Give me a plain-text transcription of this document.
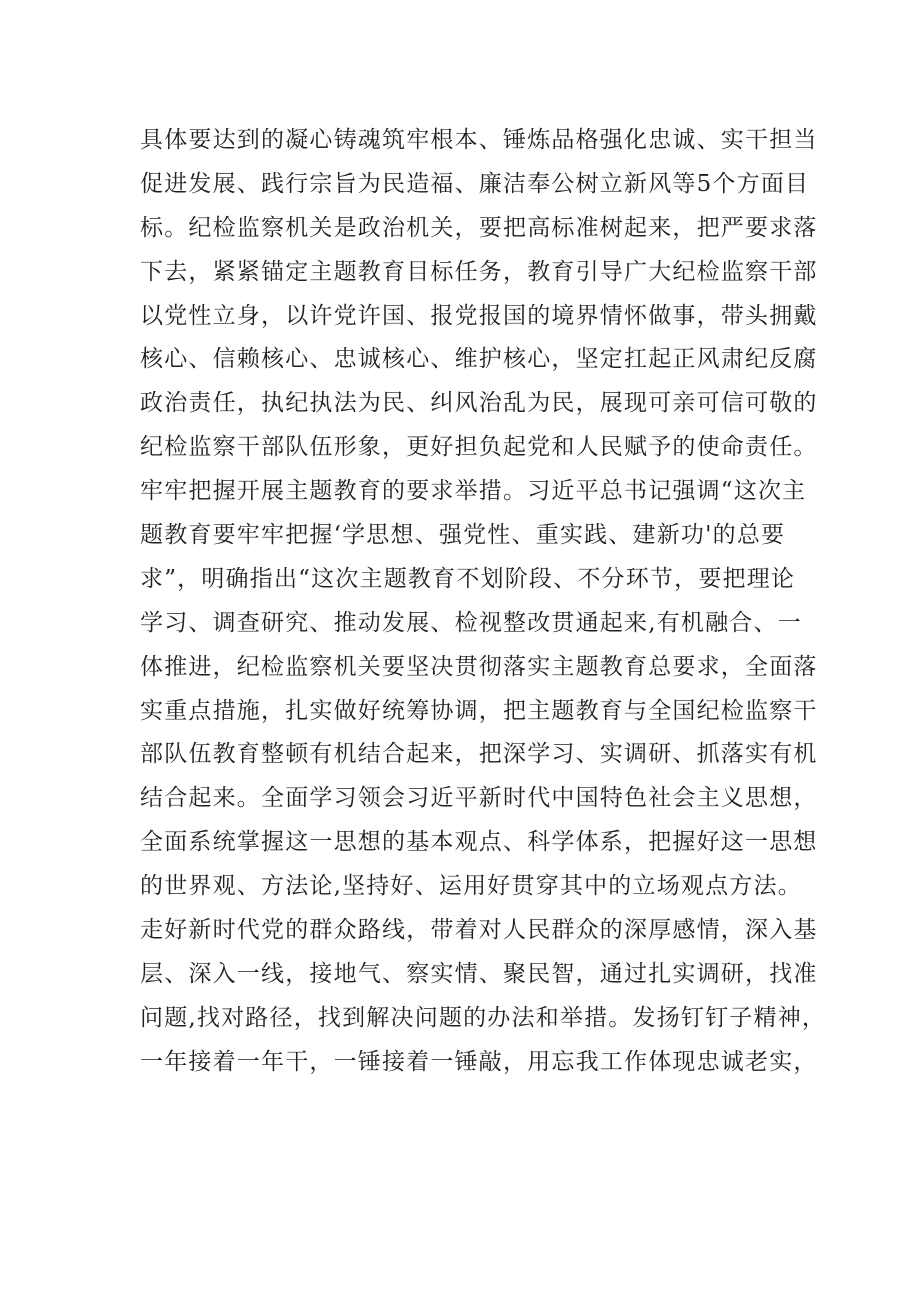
具体要达到的凝心铸魂筑牢根本、锤炼品格强化忠诚、实干担当
促进发展、践行宗旨为民造福、廉洁奉公树立新风等5个方面目
标。纪检监察机关是政治机关，要把高标准树起来，把严要求落
下去，紧紧锚定主题教育目标任务，教育引导广大纪检监察干部
以党性立身，以许党许国、报党报国的境界情怀做事，带头拥戴
核心、信赖核心、忠诚核心、维护核心，坚定扛起正风肃纪反腐
政治责任，执纪执法为民、纠风治乱为民，展现可亲可信可敬的
纪检监察干部队伍形象，更好担负起党和人民赋予的使命责任。
牢牢把握开展主题教育的要求举措。习近平总书记强调“这次主
题教育要牢牢把握‘学思想、强党性、重实践、建新功'的总要
求”，明确指出“这次主题教育不划阶段、不分环节，要把理论
学习、调查研究、推动发展、检视整改贯通起来,有机融合、一
体推进，纪检监察机关要坚决贯彻落实主题教育总要求，全面落
实重点措施，扎实做好统筹协调，把主题教育与全国纪检监察干
部队伍教育整顿有机结合起来，把深学习、实调研、抓落实有机
结合起来。全面学习领会习近平新时代中国特色社会主义思想，
全面系统掌握这一思想的基本观点、科学体系，把握好这一思想
的世界观、方法论,坚持好、运用好贯穿其中的立场观点方法。
走好新时代党的群众路线，带着对人民群众的深厚感情，深入基
层、深入一线，接地气、察实情、聚民智，通过扎实调研，找准
问题,找对路径，找到解决问题的办法和举措。发扬钉钉子精神，
一年接着一年干，一锤接着一锤敲，用忘我工作体现忠诚老实，
